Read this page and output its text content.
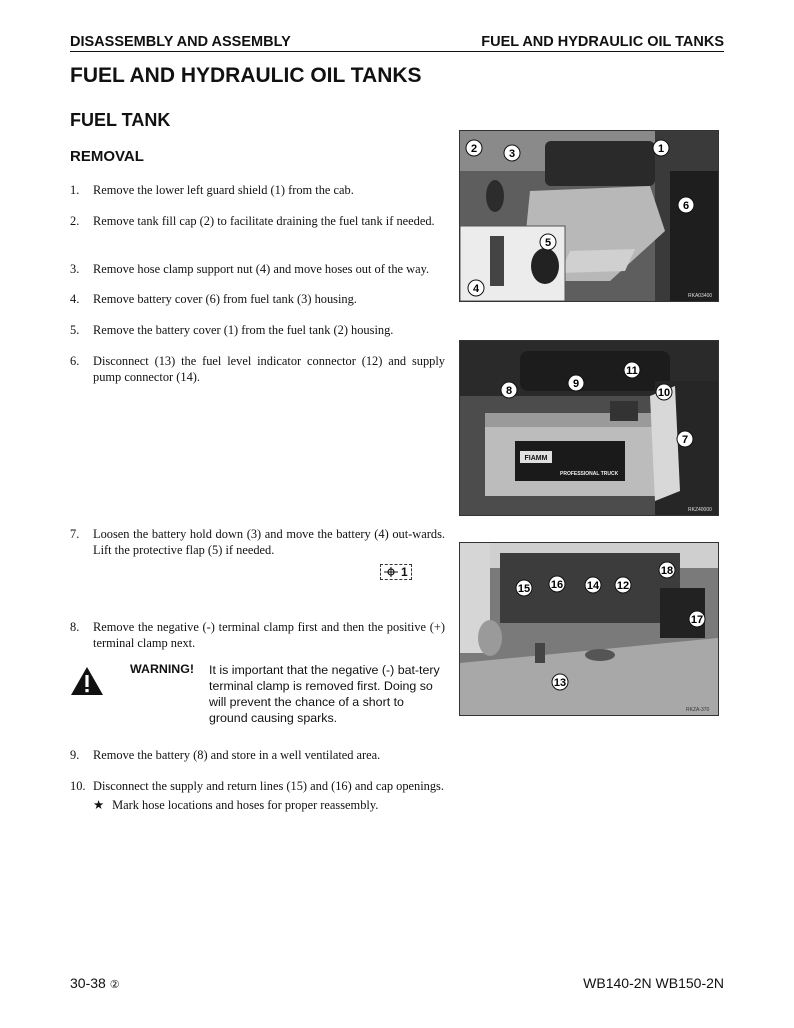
DISASSEMBLY AND ASSEMBLY	FUEL AND HYDRAULIC OIL TANKS
FUEL AND HYDRAULIC OIL TANKS
FUEL TANK
REMOVAL
1. Remove the lower left guard shield (1) from the cab.
2. Remove tank fill cap (2) to facilitate draining the fuel tank if needed.
3. Remove hose clamp support nut (4) and move hoses out of the way.
4. Remove battery cover (6) from fuel tank (3) housing.
5. Remove the battery cover (1) from the fuel tank (2) housing.
6. Disconnect (13) the fuel level indicator connector (12) and supply pump connector (14).
7. Loosen the battery hold down (3) and move the battery (4) out-wards. Lift the protective flap (5) if needed.
1
8. Remove the negative (-) terminal clamp first and then the positive (+) terminal clamp next.
WARNING! It is important that the negative (-) bat-tery terminal clamp is removed first. Doing so will prevent the chance of a short to ground causing sparks.
9. Remove the battery (8) and store in a well ventilated area.
10. Disconnect the supply and return lines (15) and (16) and cap openings.
★ Mark hose locations and hoses for proper reassembly.
2	3	1
6
5
4
RKA03400
FIAMM
PROFESSIONAL TRUCK
8
9
11
10
7
RKZ40000
15 16 14 12
18
17
13
RKZA-370
30-38 ②	WB140-2N WB150-2N
